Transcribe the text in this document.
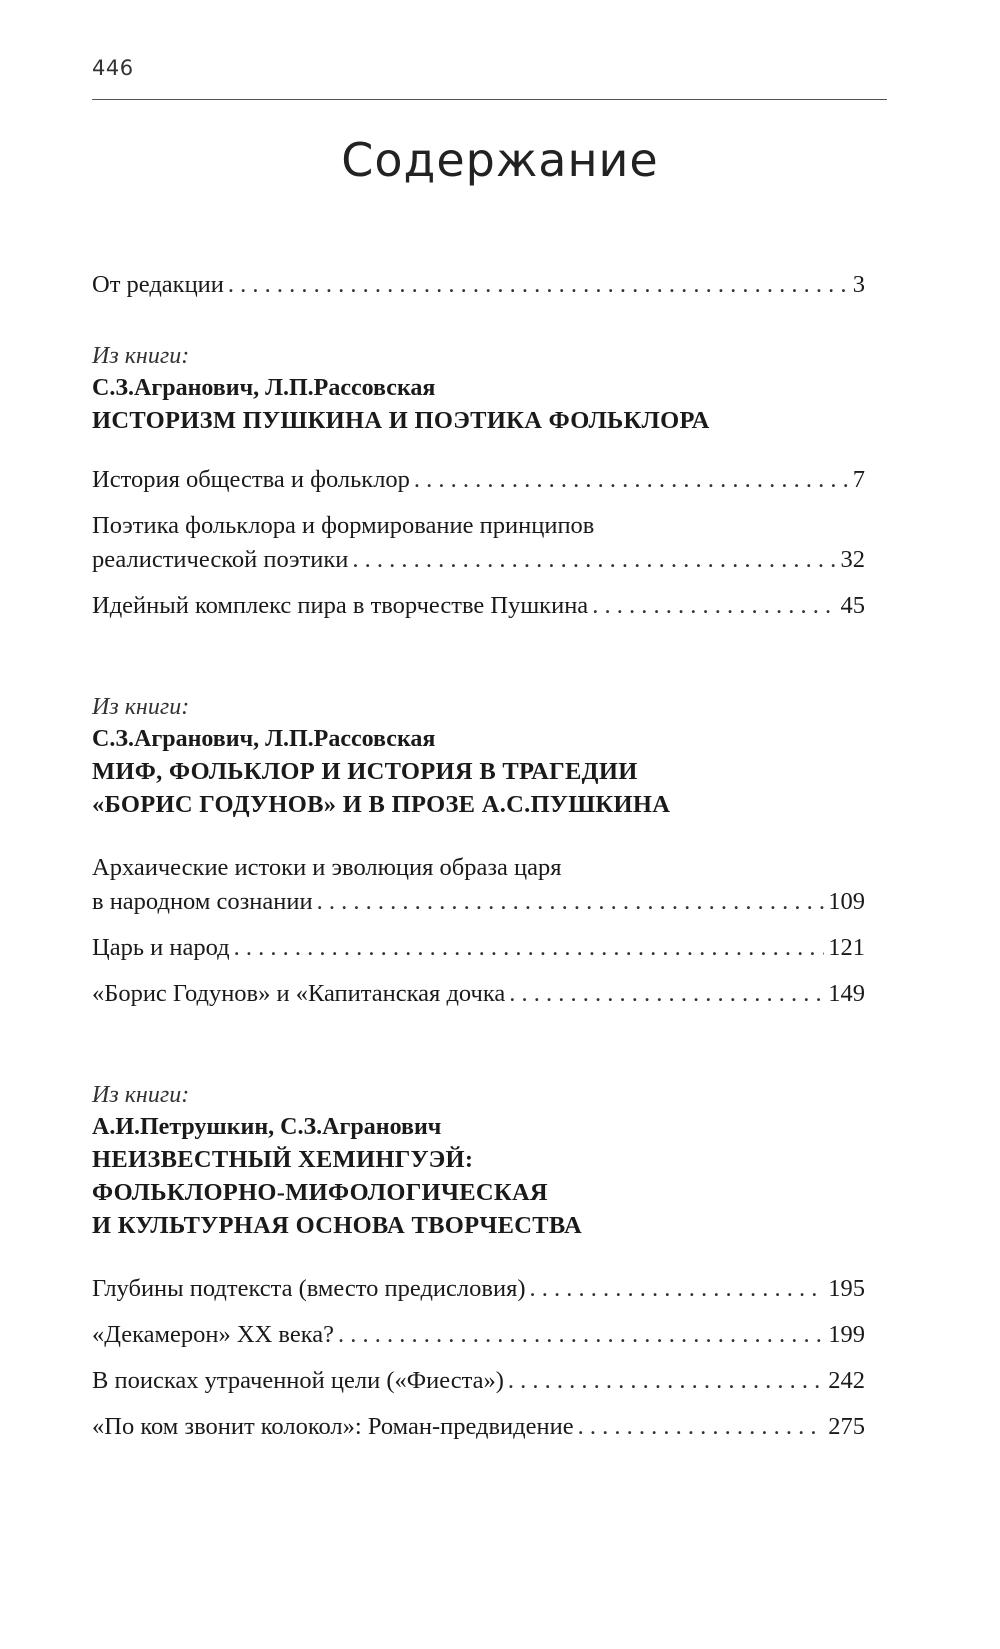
446
Содержание
От редакции . . .	3
Из книги:
С.З.Агранович, Л.П.Рассовская
ИСТОРИЗМ ПУШКИНА И ПОЭТИКА ФОЛЬКЛОРА
История общества и фольклор . . .	7
Поэтика фольклора и формирование принципов
реалистической поэтики . . .	32
Идейный комплекс пира в творчестве Пушкина . . .	45
Из книги:
С.З.Агранович, Л.П.Рассовская
МИФ, ФОЛЬКЛОР И ИСТОРИЯ В ТРАГЕДИИ
«БОРИС ГОДУНОВ» И В ПРОЗЕ А.С.ПУШКИНА
Архаические истоки и эволюция образа царя
в народном сознании . . .	109
Царь и народ . . .	121
«Борис Годунов» и «Капитанская дочка . . .	149
Из книги:
А.И.Петрушкин, С.З.Агранович
НЕИЗВЕСТНЫЙ ХЕМИНГУЭЙ:
ФОЛЬКЛОРНО-МИФОЛОГИЧЕСКАЯ
И КУЛЬТУРНАЯ ОСНОВА ТВОРЧЕСТВА
Глубины подтекста (вместо предисловия) . . .	195
«Декамерон» XX века? . . .	199
В поисках утраченной цели («Фиеста») . . .	242
«По ком звонит колокол»: Роман-предвидение . . .	275
